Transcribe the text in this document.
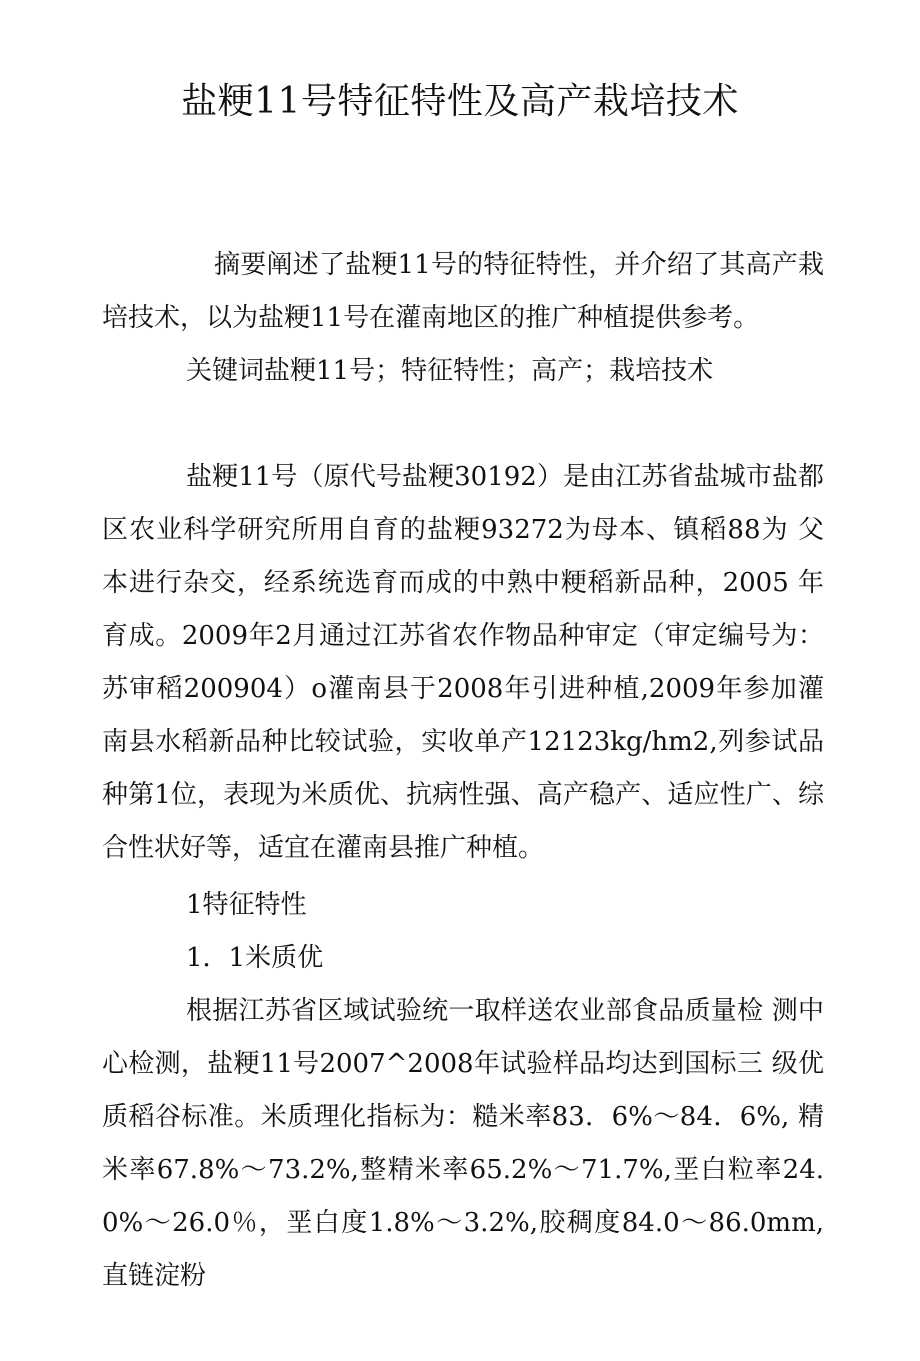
盐粳11号特征特性及高产栽培技术
摘要阐述了盐粳11号的特征特性，并介绍了其高产栽培技术，以为盐粳11号在灌南地区的推广种植提供参考。
关键词盐粳11号；特征特性；高产；栽培技术
盐粳11号（原代号盐粳30192）是由江苏省盐城市盐都区农业科学研究所用自育的盐粳93272为母本、镇稻88为 父本进行杂交，经系统选育而成的中熟中粳稻新品种，2005 年育成。2009年2月通过江苏省农作物品种审定（审定编号为：苏审稻200904）o灌南县于2008年引进种植,2009年参加灌南县水稻新品种比较试验，实收单产12123kg/hm2,列参试品种第1位，表现为米质优、抗病性强、高产稳产、适应性广、综合性状好等，适宜在灌南县推广种植。
1特征特性
1．1米质优
根据江苏省区域试验统一取样送农业部食品质量检 测中心检测，盐粳11号2007^2008年试验样品均达到国标三 级优质稻谷标准。米质理化指标为：糙米率83．6%～84．6%, 精米率67.8%～73.2%,整精米率65.2%～71.7%,垩白粒率24.0%～26.0％，垩白度1.8%～3.2%,胶稠度84.0～86.0mm, 直链淀粉
